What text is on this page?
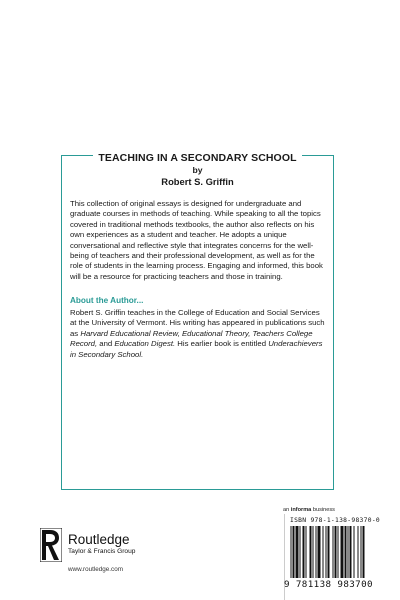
TEACHING IN A SECONDARY SCHOOL
by
Robert S. Griffin
This collection of original essays is designed for undergraduate and graduate courses in methods of teaching. While speaking to all the topics covered in traditional methods textbooks, the author also reflects on his own experiences as a student and teacher. He adopts a unique conversational and reflective style that integrates concerns for the well-being of teachers and their professional development, as well as for the role of students in the learning process. Engaging and informed, this book will be a resource for practicing teachers and those in training.
About the Author...
Robert S. Griffin teaches in the College of Education and Social Services at the University of Vermont. His writing has appeared in publications such as Harvard Educational Review, Educational Theory, Teachers College Record, and Education Digest. His earlier book is entitled Underachievers in Secondary School.
an informa business
ISBN 978-1-138-98370-0
9 781138 983700
Routledge
Taylor & Francis Group
www.routledge.com
